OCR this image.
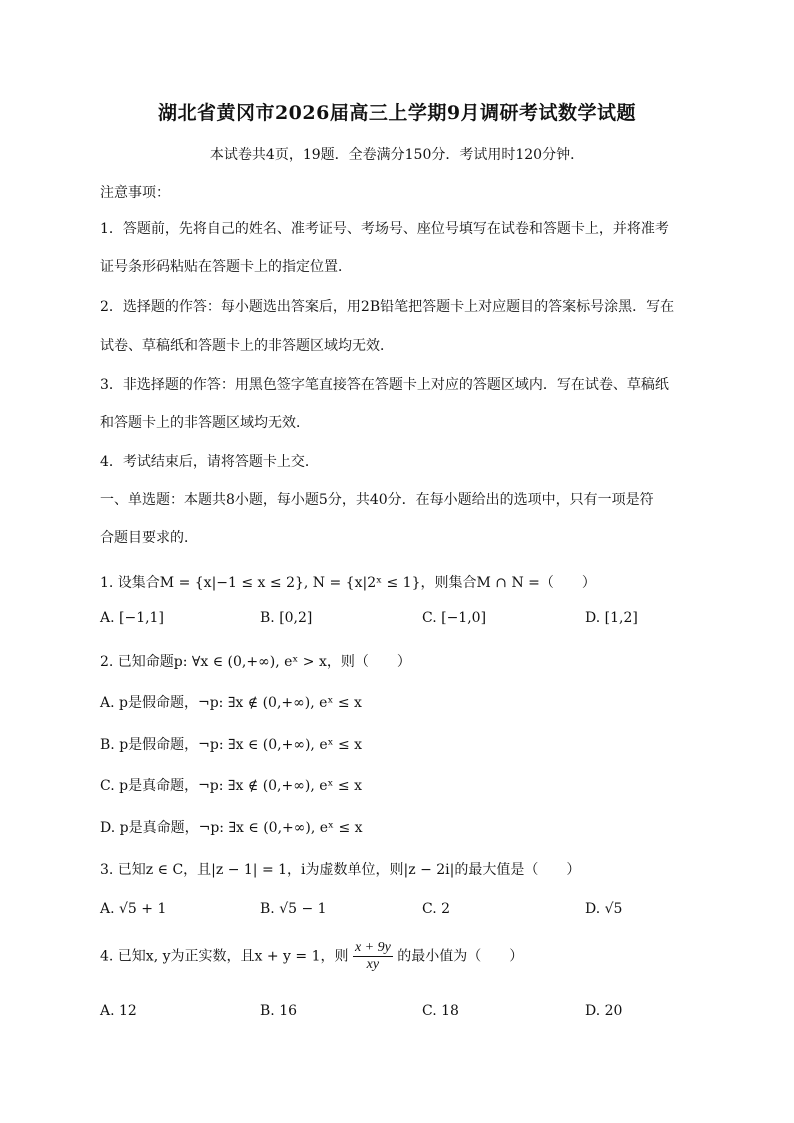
湖北省黄冈市2026届高三上学期9月调研考试数学试题
本试卷共4页，19题．全卷满分150分．考试用时120分钟．
注意事项：
1．答题前，先将自己的姓名、准考证号、考场号、座位号填写在试卷和答题卡上，并将准考
证号条形码粘贴在答题卡上的指定位置．
2．选择题的作答：每小题选出答案后，用2B铅笔把答题卡上对应题目的答案标号涂黑．写在
试卷、草稿纸和答题卡上的非答题区域均无效．
3．非选择题的作答：用黑色签字笔直接答在答题卡上对应的答题区域内．写在试卷、草稿纸
和答题卡上的非答题区域均无效．
4．考试结束后，请将答题卡上交．
一、单选题：本题共8小题，每小题5分，共40分．在每小题给出的选项中，只有一项是符
合题目要求的．
1. 设集合M = {x|−1 ≤ x ≤ 2}, N = {x|2ˣ ≤ 1}，则集合M ∩ N =（　　）
A. [−1,1]	B. [0,2]	C. [−1,0]	D. [1,2]
2. 已知命题p: ∀x ∈ (0,+∞), eˣ > x，则（　　）
A. p是假命题，¬p: ∃x ∉ (0,+∞), eˣ ≤ x
B. p是假命题，¬p: ∃x ∈ (0,+∞), eˣ ≤ x
C. p是真命题，¬p: ∃x ∉ (0,+∞), eˣ ≤ x
D. p是真命题，¬p: ∃x ∈ (0,+∞), eˣ ≤ x
3. 已知z ∈ C，且|z − 1| = 1，i为虚数单位，则|z − 2i|的最大值是（　　）
A. √5 + 1	B. √5 − 1	C. 2	D. √5
4. 已知x, y为正实数，且x + y = 1，则 $\frac{x + 9y}{xy}$ 的最小值为（　　）
A. 12	B. 16	C. 18	D. 20
